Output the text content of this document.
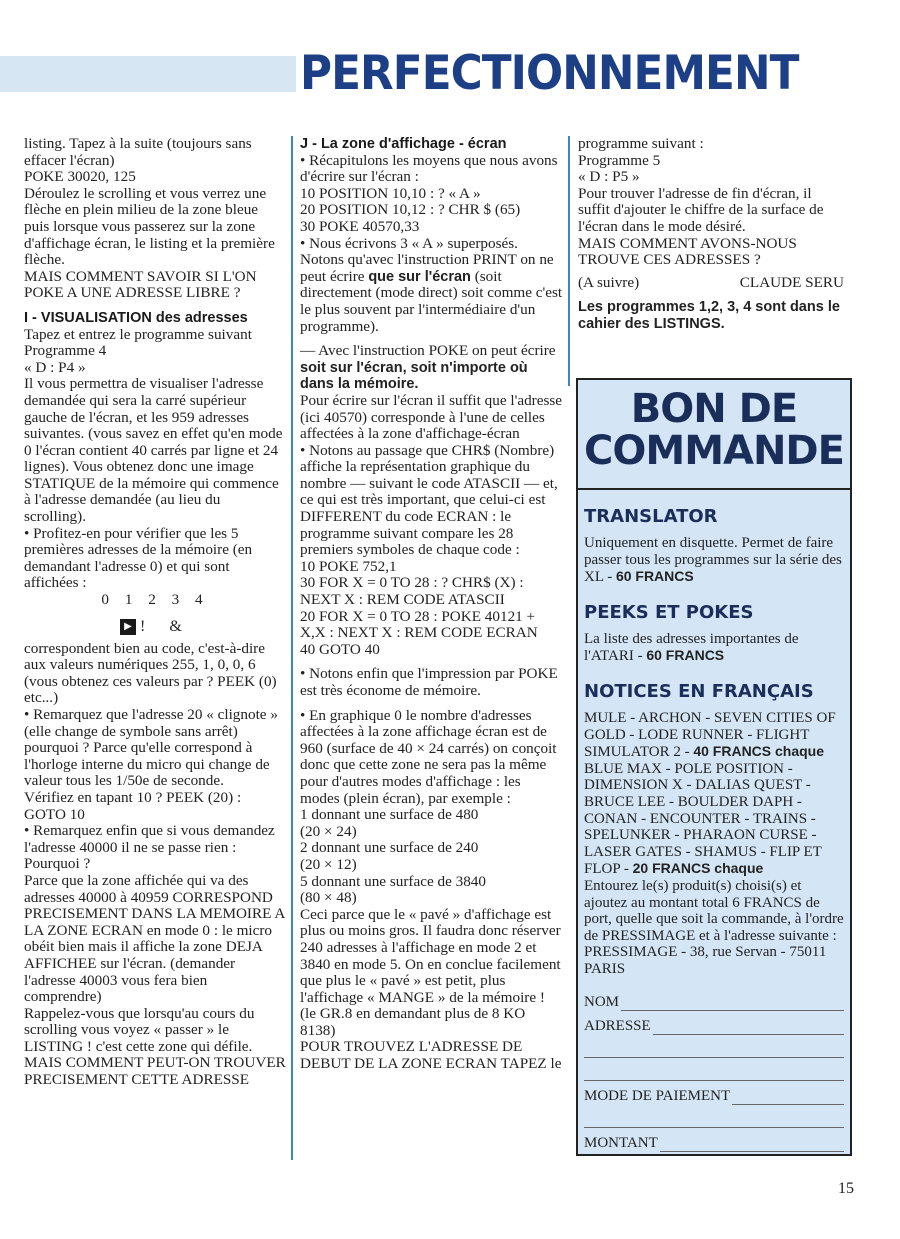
PERFECTIONNEMENT

listing. Tapez à la suite (toujours sans effacer l'écran)

POKE 30020, 125

Déroulez le scrolling et vous verrez une flèche en plein milieu de la zone bleue puis lorsque vous passerez sur la zone d'affichage écran, le listing et la première flèche.

MAIS COMMENT SAVOIR SI L'ON POKE A UNE ADRESSE LIBRE ?

I - VISUALISATION des adresses

Tapez et entrez le programme suivant

Programme 4

« D : P4 »

Il vous permettra de visualiser l'adresse demandée qui sera la carré supérieur gauche de l'écran, et les 959 adresses suivantes. (vous savez en effet qu'en mode 0 l'écran contient 40 carrés par ligne et 24 lignes). Vous obtenez donc une image STATIQUE de la mémoire qui commence à l'adresse demandée (au lieu du scrolling).

• Profitez-en pour vérifier que les 5 premières adresses de la mémoire (en demandant l'adresse 0) et qui sont affichées :

0 1 2 3 4

▶ ! &

correspondent bien au code, c'est-à-dire aux valeurs numériques 255, 1, 0, 0, 6 (vous obtenez ces valeurs par ? PEEK (0) etc...)

• Remarquez que l'adresse 20 « clignote » (elle change de symbole sans arrêt) pourquoi ? Parce qu'elle correspond à l'horloge interne du micro qui change de valeur tous les 1/50e de seconde.

Vérifiez en tapant 10 ? PEEK (20) : GOTO 10

• Remarquez enfin que si vous demandez l'adresse 40000 il ne se passe rien : Pourquoi ?

Parce que la zone affichée qui va des adresses 40000 à 40959 CORRESPOND PRECISEMENT DANS LA MEMOIRE A LA ZONE ECRAN en mode 0 : le micro obéit bien mais il affiche la zone DEJA AFFICHEE sur l'écran. (demander l'adresse 40003 vous fera bien comprendre)

Rappelez-vous que lorsqu'au cours du scrolling vous voyez « passer » le LISTING ! c'est cette zone qui défile.

MAIS COMMENT PEUT-ON TROUVER PRECISEMENT CETTE ADRESSE

J - La zone d'affichage - écran

• Récapitulons les moyens que nous avons d'écrire sur l'écran :

10 POSITION 10,10 : ? « A »

20 POSITION 10,12 : ? CHR $ (65)

30 POKE 40570,33

• Nous écrivons 3 « A » superposés. Notons qu'avec l'instruction PRINT on ne peut écrire que sur l'écran (soit directement (mode direct) soit comme c'est le plus souvent par l'intermédiaire d'un programme).

— Avec l'instruction POKE on peut écrire soit sur l'écran, soit n'importe où dans la mémoire.

Pour écrire sur l'écran il suffit que l'adresse (ici 40570) corresponde à l'une de celles affectées à la zone d'affichage-écran

• Notons au passage que CHR$ (Nombre) affiche la représentation graphique du nombre — suivant le code ATASCII — et, ce qui est très important, que celui-ci est DIFFERENT du code ECRAN : le programme suivant compare les 28 premiers symboles de chaque code :

10 POKE 752,1

30 FOR X = 0 TO 28 : ? CHR$ (X) : NEXT X : REM CODE ATASCII

20 FOR X = 0 TO 28 : POKE 40121 + X,X : NEXT X : REM CODE ECRAN

40 GOTO 40

• Notons enfin que l'impression par POKE est très économe de mémoire.

• En graphique 0 le nombre d'adresses affectées à la zone affichage écran est de 960 (surface de 40 × 24 carrés) on conçoit donc que cette zone ne sera pas la même pour d'autres modes d'affichage : les modes (plein écran), par exemple :

1 donnant une surface de 480

(20 × 24)

2 donnant une surface de 240

(20 × 12)

5 donnant une surface de 3840

(80 × 48)

Ceci parce que le « pavé » d'affichage est plus ou moins gros. Il faudra donc réserver 240 adresses à l'affichage en mode 2 et 3840 en mode 5. On en conclue facilement que plus le « pavé » est petit, plus l'affichage « MANGE » de la mémoire ! (le GR.8 en demandant plus de 8 KO 8138)

POUR TROUVEZ L'ADRESSE DE DEBUT DE LA ZONE ECRAN TAPEZ le

programme suivant :

Programme 5

« D : P5 »

Pour trouver l'adresse de fin d'écran, il suffit d'ajouter le chiffre de la surface de l'écran dans le mode désiré.

MAIS COMMENT AVONS-NOUS TROUVE CES ADRESSES ?

(A suivre)	CLAUDE SERU

Les programmes 1,2, 3, 4 sont dans le cahier des LISTINGS.

BON DE
COMMANDE
TRANSLATOR

Uniquement en disquette. Permet de faire passer tous les programmes sur la série des XL - 60 FRANCS

PEEKS ET POKES

La liste des adresses importantes de l'ATARI - 60 FRANCS

NOTICES EN FRANÇAIS

MULE - ARCHON - SEVEN CITIES OF GOLD - LODE RUNNER - FLIGHT SIMULATOR 2 - 40 FRANCS chaque BLUE MAX - POLE POSITION - DIMENSION X - DALIAS QUEST - BRUCE LEE - BOULDER DAPH - CONAN - ENCOUNTER - TRAINS - SPELUNKER - PHARAON CURSE - LASER GATES - SHAMUS - FLIP ET FLOP - 20 FRANCS chaque

Entourez le(s) produit(s) choisi(s) et ajoutez au montant total 6 FRANCS de port, quelle que soit la commande, à l'ordre de PRESSIMAGE et à l'adresse suivante : PRESSIMAGE - 38, rue Servan - 75011 PARIS

NOM
ADRESSE
MODE DE PAIEMENT
MONTANT
15
